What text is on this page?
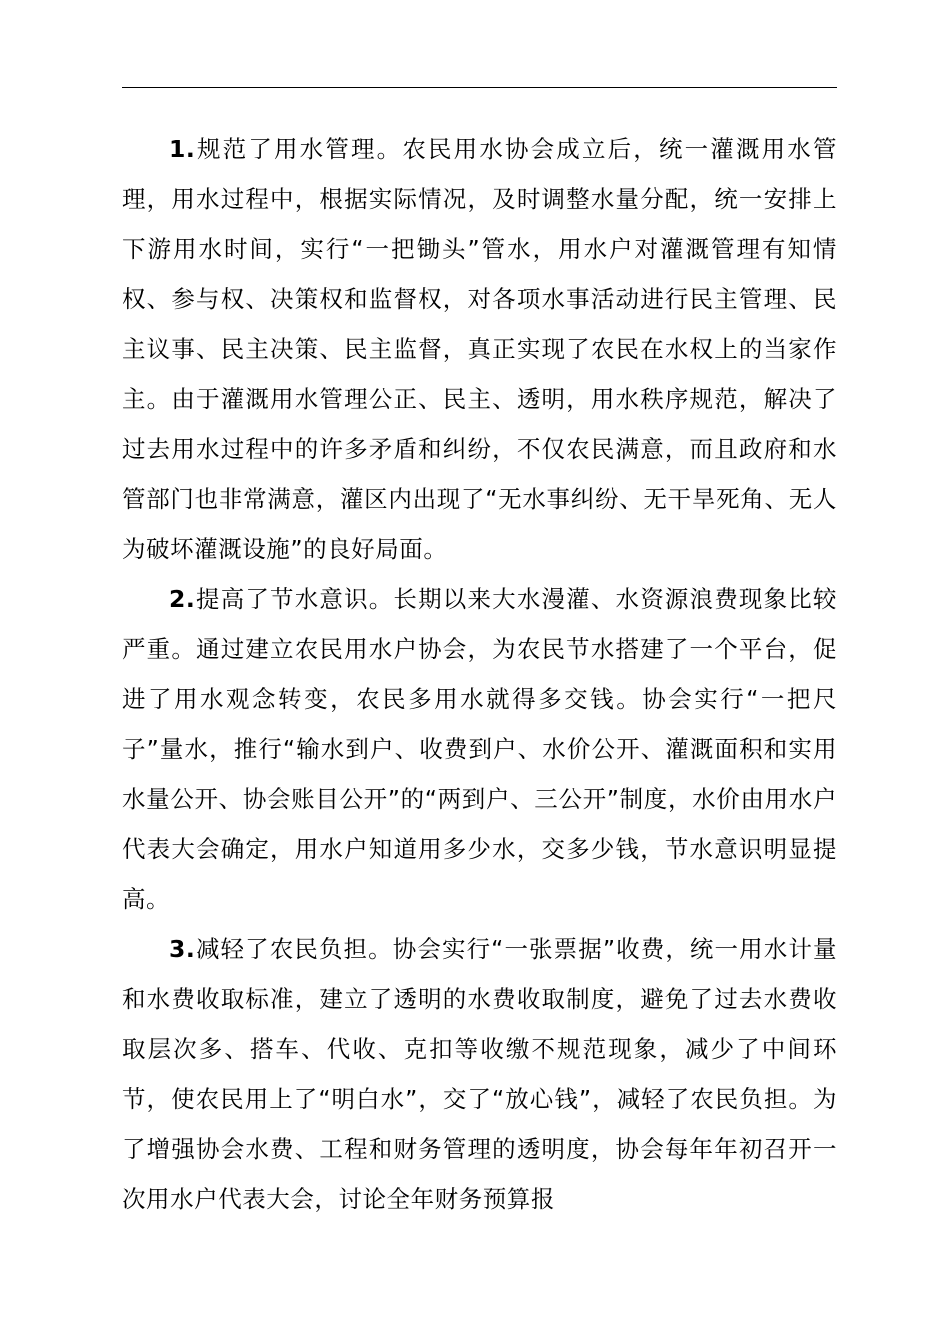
1.规范了用水管理。农民用水协会成立后，统一灌溉用水管理，用水过程中，根据实际情况，及时调整水量分配，统一安排上下游用水时间，实行“一把锄头”管水，用水户对灌溉管理有知情权、参与权、决策权和监督权，对各项水事活动进行民主管理、民主议事、民主决策、民主监督，真正实现了农民在水权上的当家作主。由于灌溉用水管理公正、民主、透明，用水秩序规范，解决了过去用水过程中的许多矛盾和纠纷，不仅农民满意，而且政府和水管部门也非常满意，灌区内出现了“无水事纠纷、无干旱死角、无人为破坏灌溉设施”的良好局面。

2.提高了节水意识。长期以来大水漫灌、水资源浪费现象比较严重。通过建立农民用水户协会，为农民节水搭建了一个平台，促进了用水观念转变，农民多用水就得多交钱。协会实行“一把尺子”量水，推行“输水到户、收费到户、水价公开、灌溉面积和实用水量公开、协会账目公开”的“两到户、三公开”制度，水价由用水户代表大会确定，用水户知道用多少水，交多少钱，节水意识明显提高。

3.减轻了农民负担。协会实行“一张票据”收费，统一用水计量和水费收取标准，建立了透明的水费收取制度，避免了过去水费收取层次多、搭车、代收、克扣等收缴不规范现象，减少了中间环节，使农民用上了“明白水”，交了“放心钱”，减轻了农民负担。为了增强协会水费、工程和财务管理的透明度，协会每年年初召开一次用水户代表大会，讨论全年财务预算报
